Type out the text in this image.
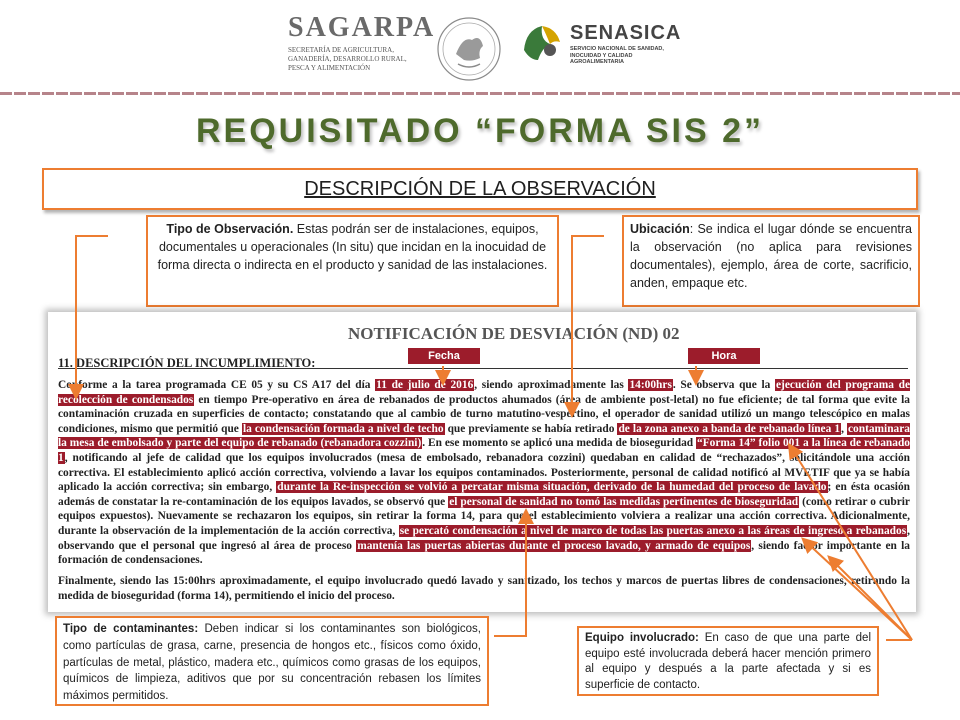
SAGARPA
SECRETARÍA DE AGRICULTURA,
GANADERÍA, DESARROLLO RURAL,
PESCA Y ALIMENTACIÓN
SENASICA
SERVICIO NACIONAL DE SANIDAD,
INOCUIDAD Y CALIDAD
AGROALIMENTARIA
REQUISITADO “FORMA SIS 2”
DESCRIPCIÓN DE LA OBSERVACIÓN
Tipo de Observación. Estas podrán ser de instalaciones, equipos, documentales u operacionales (In situ) que incidan en la inocuidad de forma directa o indirecta en el producto y sanidad de las instalaciones.
Ubicación: Se indica el lugar dónde se encuentra la observación (no aplica para revisiones documentales), ejemplo, área de corte, sacrificio, anden, empaque etc.
NOTIFICACIÓN DE DESVIACIÓN (ND) 02
11. DESCRIPCIÓN DEL INCUMPLIMIENTO:
Conforme a la tarea programada CE 05 y su CS A17 del día 11 de julio de 2016, siendo aproximadamente las 14:00hrs. Se observa que la ejecución del programa de recolección de condensados en tiempo Pre-operativo en área de rebanados de productos ahumados (área de ambiente post-letal) no fue eficiente; de tal forma que evite la contaminación cruzada en superficies de contacto; constatando que al cambio de turno matutino-vespertino, el operador de sanidad utilizó un mango telescópico en malas condiciones, mismo que permitió que la condensación formada a nivel de techo que previamente se había retirado de la zona anexo a banda de rebanado línea 1, contaminara la mesa de embolsado y parte del equipo de rebanado (rebanadora cozzini). En ese momento se aplicó una medida de bioseguridad “Forma 14” folio 001 a la línea de rebanado 1, notificando al jefe de calidad que los equipos involucrados (mesa de embolsado, rebanadora cozzini) quedaban en calidad de “rechazados”, solicitándole una acción correctiva. El establecimiento aplicó acción correctiva, volviendo a lavar los equipos contaminados. Posteriormente, personal de calidad notificó al MVETIF que ya se había aplicado la acción correctiva; sin embargo, durante la Re-inspección se volvió a percatar misma situación, derivado de la humedad del proceso de lavado; en ésta ocasión además de constatar la re-contaminación de los equipos lavados, se observó que el personal de sanidad no tomó las medidas pertinentes de bioseguridad (como retirar o cubrir equipos expuestos). Nuevamente se rechazaron los equipos, sin retirar la forma 14, para que el establecimiento volviera a realizar una acción correctiva. Adicionalmente, durante la observación de la implementación de la acción correctiva, se percató condensación a nivel de marco de todas las puertas anexo a las áreas de ingreso a rebanados, observando que el personal que ingresó al área de proceso mantenía las puertas abiertas durante el proceso lavado, y armado de equipos, siendo factor importante en la formación de condensaciones.
Finalmente, siendo las 15:00hrs aproximadamente, el equipo involucrado quedó lavado y sanitizado, los techos y marcos de puertas libres de condensaciones, retirando la medida de bioseguridad (forma 14), permitiendo el inicio del proceso.
Fecha	Hora
Tipo de contaminantes: Deben indicar si los contaminantes son biológicos, como partículas de grasa, carne, presencia de hongos etc., físicos como óxido, partículas de metal, plástico, madera etc., químicos como grasas de los equipos, químicos de limpieza, aditivos que por su concentración rebasen los límites máximos permitidos.
Equipo involucrado: En caso de que una parte del equipo esté involucrada deberá hacer mención primero al equipo y después a la parte afectada y si es superficie de contacto.
